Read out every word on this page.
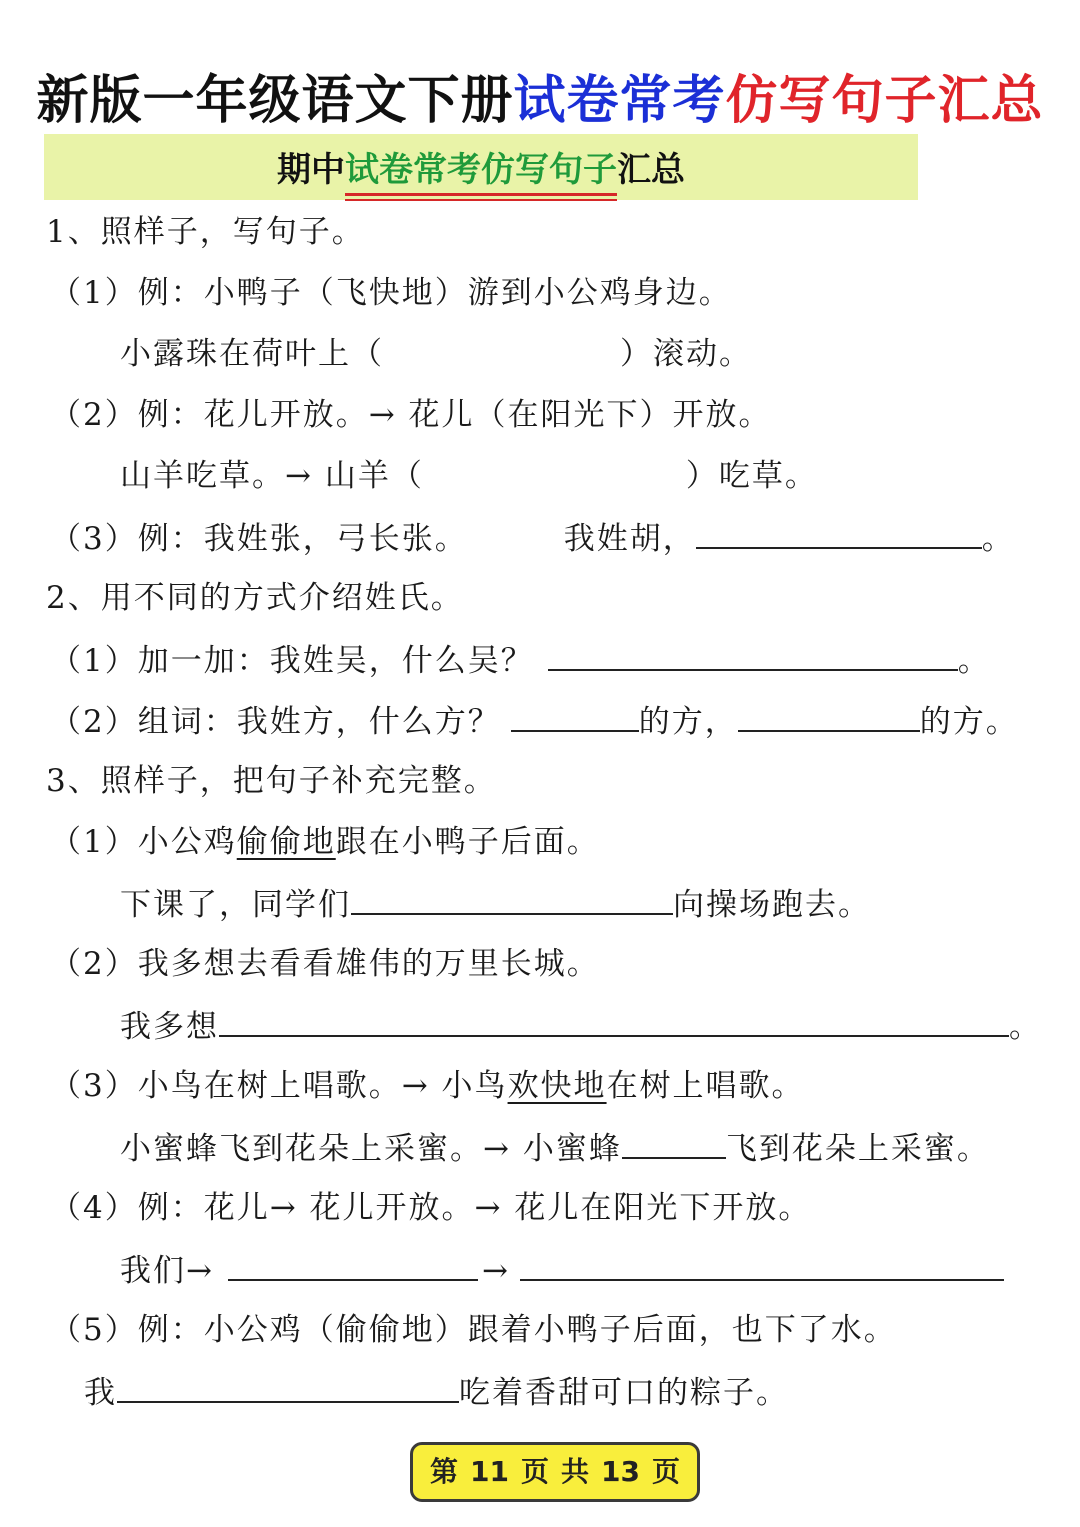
新版一年级语文下册试卷常考仿写句子汇总
期中试卷常考仿写句子汇总
1、照样子，写句子。
（1）例：小鸭子（飞快地）游到小公鸡身边。
小露珠在荷叶上（	）滚动。
（2）例：花儿开放。→ 花儿（在阳光下）开放。
山羊吃草。→ 山羊（	）吃草。
（3）例：我姓张，弓长张。	我姓胡，	。
2、用不同的方式介绍姓氏。
（1）加一加：我姓吴，什么吴？	。
（2）组词：我姓方，什么方？	的方，	的方。
3、照样子，把句子补充完整。
（1）小公鸡偷偷地跟在小鸭子后面。
下课了，同学们	向操场跑去。
（2）我多想去看看雄伟的万里长城。
我多想	。
（3）小鸟在树上唱歌。→ 小鸟欢快地在树上唱歌。
小蜜蜂飞到花朵上采蜜。→ 小蜜蜂	飞到花朵上采蜜。
（4）例：花儿→ 花儿开放。→ 花儿在阳光下开放。
我们→	→
（5）例：小公鸡（偷偷地）跟着小鸭子后面，也下了水。
我	吃着香甜可口的粽子。
第 11 页 共 13 页
